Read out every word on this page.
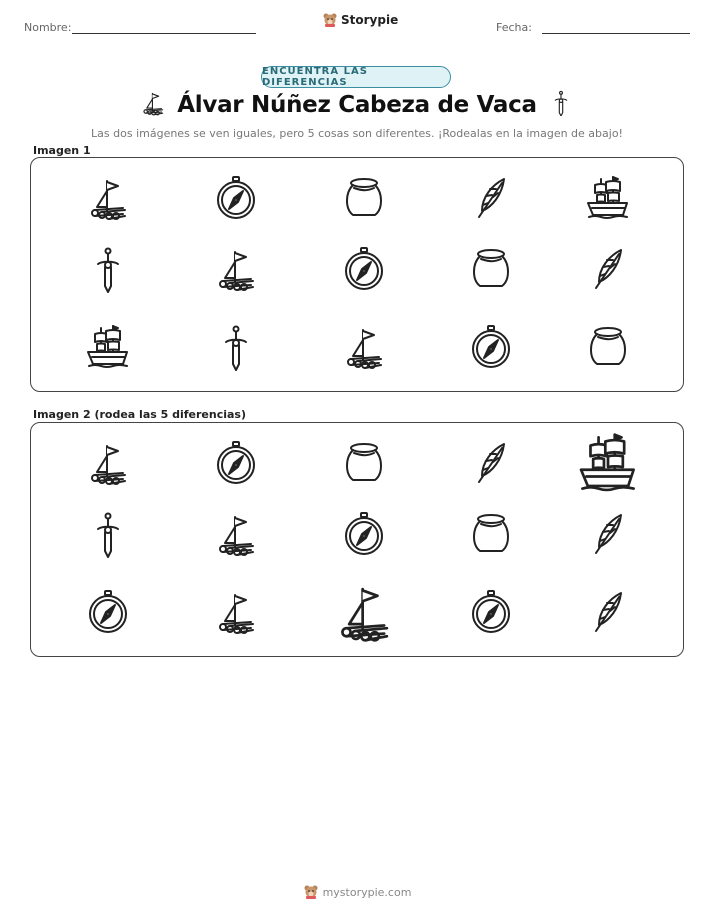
Nombre:
Storypie
Fecha:
ENCUENTRA LAS DIFERENCIAS
Álvar Núñez Cabeza de Vaca
Las dos imágenes se ven iguales, pero 5 cosas son diferentes. ¡Rodealas en la imagen de abajo!
Imagen 1
Imagen 2 (rodea las 5 diferencias)
mystorypie.com
